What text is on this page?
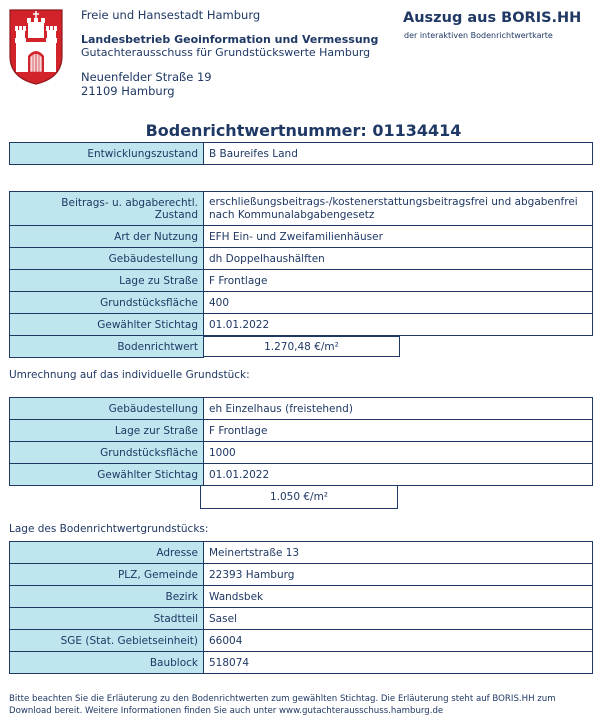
Freie und Hansestadt Hamburg
Landesbetrieb Geoinformation und Vermessung
Gutachterausschuss für Grundstückswerte Hamburg
Neuenfelder Straße 19
21109 Hamburg
Auszug aus BORIS.HH
der interaktiven Bodenrichtwertkarte
Bodenrichtwertnummer: 01134414
Entwicklungszustand	B Baureifes Land
Beitrags- u. abgaberechtl. Zustand	erschließungsbeitrags-/kostenerstattungsbeitragsfrei und abgabenfrei
nach Kommunalabgabengesetz
Art der Nutzung	EFH Ein- und Zweifamilienhäuser
Gebäudestellung	dh Doppelhaushälften
Lage zu Straße	F Frontlage
Grundstücksfläche	400
Gewählter Stichtag	01.01.2022
Bodenrichtwert	1.270,48 €/m²
Umrechnung auf das individuelle Grundstück:
Gebäudestellung	eh Einzelhaus (freistehend)
Lage zur Straße	F Frontlage
Grundstücksfläche	1000
Gewählter Stichtag	01.01.2022
1.050 €/m²
Lage des Bodenrichtwertgrundstücks:
Adresse	Meinertstraße 13
PLZ, Gemeinde	22393 Hamburg
Bezirk	Wandsbek
Stadtteil	Sasel
SGE (Stat. Gebietseinheit)	66004
Baublock	518074
Bitte beachten Sie die Erläuterung zu den Bodenrichtwerten zum gewählten Stichtag. Die Erläuterung steht auf BORIS.HH zum
Download bereit. Weitere Informationen finden Sie auch unter www.gutachterausschuss.hamburg.de
